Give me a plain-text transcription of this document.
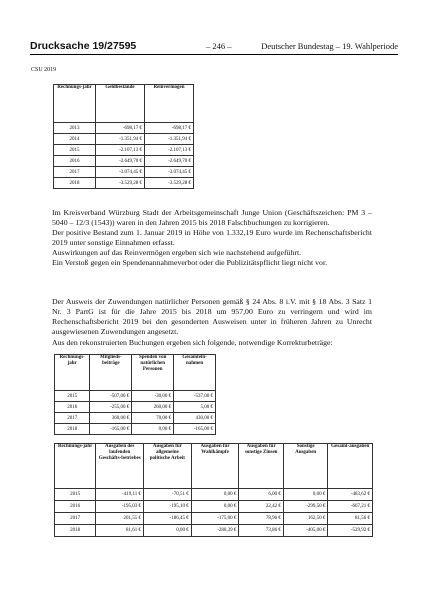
Drucksache 19/27595	– 246 –	Deutscher Bundestag – 19. Wahlperiode
CSU 2019
Rechnungs-jahr	Geldbestände	Reinvermögen
2013	-698,17 €	-698,17 €
2014	-1.351,94 €	-1.351,94 €
2015	-2.107,13 €	-2.107,13 €
2016	-2.649,70 €	-2.649,70 €
2017	-3.074,45 €	-3.074,45 €
2018	-3.529,28 €	-3.529,28 €

Im Kreisverband Würzburg Stadt der Arbeitsgemeinschaft Junge Union (Geschäftszeichen: PM 3 – 5040 – 12/3 (1543)) waren in den Jahren 2015 bis 2018 Falschbuchungen zu korrigieren.

Der positive Bestand zum 1. Januar 2019 in Höhe von 1.332,19 Euro wurde im Rechenschaftsbericht 2019 unter sonstige Einnahmen erfasst.

Auswirkungen auf das Reinvermögen ergeben sich wie nachstehend aufgeführt.

Ein Verstoß gegen ein Spendenannahmeverbot oder die Publizitätspflicht liegt nicht vor.

Der Ausweis der Zuwendungen natürlicher Personen gemäß § 24 Abs. 8 i.V. mit § 18 Abs. 3 Satz 1 Nr. 3 PartG ist für die Jahre 2015 bis 2018 um 957,00 Euro zu verringern und wird im Rechenschaftsbericht 2019 bei den gesonderten Ausweisen unter in früheren Jahren zu Unrecht ausgewiesenen Zuwendungen angesetzt.

Aus den rekonstruierten Buchungen ergeben sich folgende, notwendige Korrekturbeträge:

Rechnungs-jahr	Mitglieds-beiträge	Spenden von natürlichen Personen	Gesamtein-nahmen
2015	-507,00 €	-30,00 €	-537,00 €
2016	-255,00 €	260,00 €	5,00 €
2017	360,00 €	70,00 €	430,00 €
2018	-165,00 €	0,00 €	-165,00 €
Rechnungs-jahr	Ausgaben des laufenden Geschäfts-betriebes	Ausgaben für allgemeine politische Arbeit	Ausgaben für Wahlkämpfe	Ausgaben für sonstige Zinsen	Sonstige Ausgaben	Gesamt-ausgaben
2015	-419,11 €	-70,51 €	0,00 €	6,00 €	0,00 €	-483,62 €
2016	-195,03 €	-195,10 €	0,00 €	22,42 €	-299,50 €	-667,21 €
2017	201,55 €	-186,45 €	-175,00 €	78,96 €	162,50 €	81,56 €
2018	81,61 €	0,00 €	-280,39 €	73,86 €	-405,00 €	-529,92 €
